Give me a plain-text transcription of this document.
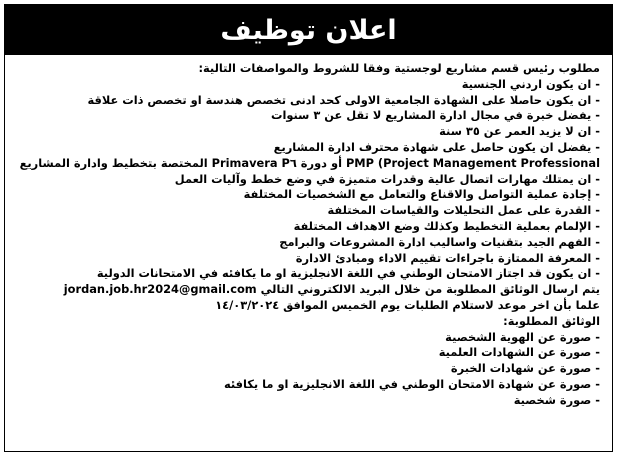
اعلان توظيف
مطلوب رئيس قسم مشاريع لوجستية وفقا للشروط والمواصفات التالية:
- ان يكون اردني الجنسية
- ان يكون حاصلا على الشهادة الجامعية الاولى كحد ادنى تخصص هندسة او تخصص ذات علاقة
- يفضل خبرة في مجال ادارة المشاريع لا تقل عن ٣ سنوات
- ان لا يزيد العمر عن ٣٥ سنة
- يفضل ان يكون حاصل على شهادة محترف ادارة المشاريع
PMP (Project Management Professional أو دورة P٦ Primavera المختصة بتخطيط وادارة المشاريع
- ان يمتلك مهارات اتصال عالية وقدرات متميزة في وضع خطط وآليات العمل
- إجادة عملية التواصل والاقناع والتعامل مع الشخصيات المختلفة
- القدرة على عمل التحليلات والقياسات المختلفة
- الإلمام بعملية التخطيط وكذلك وضع الاهداف المختلفة
- الفهم الجيد بتقنيات واساليب ادارة المشروعات والبرامج
- المعرفة الممتازة باجراءات تقييم الاداء ومبادئ الادارة
- ان يكون قد اجتاز الامتحان الوطني في اللغة الانجليزية او ما يكافئه في الامتحانات الدولية
يتم ارسال الوثائق المطلوبة من خلال البريد الالكتروني التالي jordan.job.hr2024@gmail.com
علما بأن اخر موعد لاستلام الطلبات يوم الخميس الموافق ١٤/٠٣/٢٠٢٤
الوثائق المطلوبة:
- صورة عن الهوية الشخصية
- صورة عن الشهادات العلمية
- صورة عن شهادات الخبرة
- صورة عن شهادة الامتحان الوطني في اللغة الانجليزية او ما يكافئه
- صورة شخصية
